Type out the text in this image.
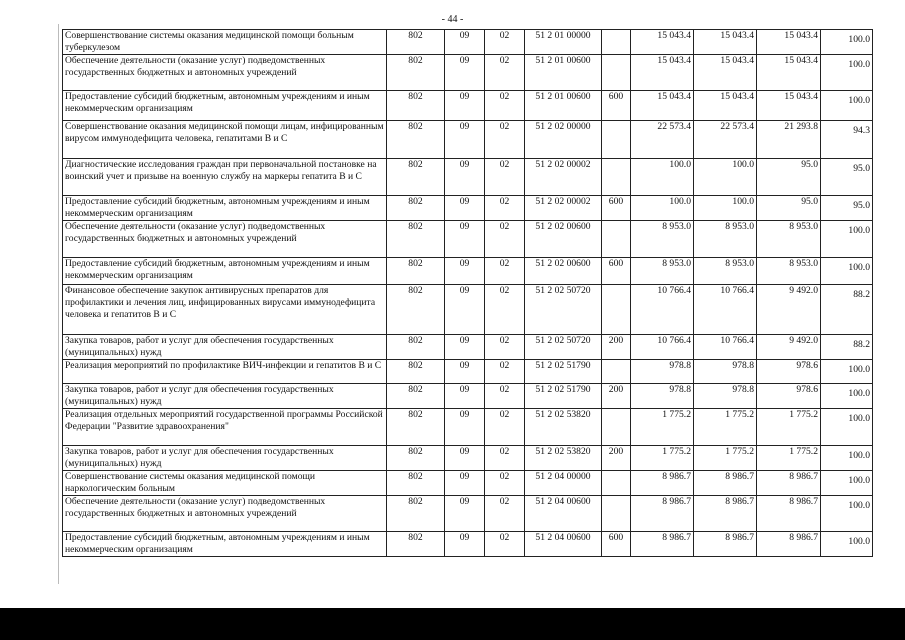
- 44 -
Совершенствование системы оказания медицинской помощи больным туберкулезом	802	09	02	51 2 01 00000		15 043.4	15 043.4	15 043.4	100.0
Обеспечение деятельности (оказание услуг) подведомственных государственных бюджетных и автономных учреждений	802	09	02	51 2 01 00600		15 043.4	15 043.4	15 043.4	100.0
Предоставление субсидий бюджетным, автономным учреждениям и иным некоммерческим организациям	802	09	02	51 2 01 00600	600	15 043.4	15 043.4	15 043.4	100.0
Совершенствование оказания медицинской помощи лицам, инфицированным вирусом иммунодефицита человека, гепатитами В и С	802	09	02	51 2 02 00000		22 573.4	22 573.4	21 293.8	94.3
Диагностические исследования граждан при первоначальной постановке на воинский учет и призыве на военную службу на маркеры гепатита В и С	802	09	02	51 2 02 00002		100.0	100.0	95.0	95.0
Предоставление субсидий бюджетным, автономным учреждениям и иным некоммерческим организациям	802	09	02	51 2 02 00002	600	100.0	100.0	95.0	95.0
Обеспечение деятельности (оказание услуг) подведомственных государственных бюджетных и автономных учреждений	802	09	02	51 2 02 00600		8 953.0	8 953.0	8 953.0	100.0
Предоставление субсидий бюджетным, автономным учреждениям и иным некоммерческим организациям	802	09	02	51 2 02 00600	600	8 953.0	8 953.0	8 953.0	100.0
Финансовое обеспечение закупок антивирусных препаратов для профилактики и лечения лиц, инфицированных вирусами иммунодефицита человека и гепатитов В и С	802	09	02	51 2 02 50720		10 766.4	10 766.4	9 492.0	88.2
Закупка товаров, работ и услуг для обеспечения государственных (муниципальных) нужд	802	09	02	51 2 02 50720	200	10 766.4	10 766.4	9 492.0	88.2
Реализация мероприятий по профилактике ВИЧ-инфекции и гепатитов В и С	802	09	02	51 2 02 51790		978.8	978.8	978.6	100.0
Закупка товаров, работ и услуг для обеспечения государственных (муниципальных) нужд	802	09	02	51 2 02 51790	200	978.8	978.8	978.6	100.0
Реализация отдельных мероприятий государственной программы Российской Федерации "Развитие здравоохранения"	802	09	02	51 2 02 53820		1 775.2	1 775.2	1 775.2	100.0
Закупка товаров, работ и услуг для обеспечения государственных (муниципальных) нужд	802	09	02	51 2 02 53820	200	1 775.2	1 775.2	1 775.2	100.0
Совершенствование системы оказания медицинской помощи наркологическим больным	802	09	02	51 2 04 00000		8 986.7	8 986.7	8 986.7	100.0
Обеспечение деятельности (оказание услуг) подведомственных государственных бюджетных и автономных учреждений	802	09	02	51 2 04 00600		8 986.7	8 986.7	8 986.7	100.0
Предоставление субсидий бюджетным, автономным учреждениям и иным некоммерческим организациям	802	09	02	51 2 04 00600	600	8 986.7	8 986.7	8 986.7	100.0
